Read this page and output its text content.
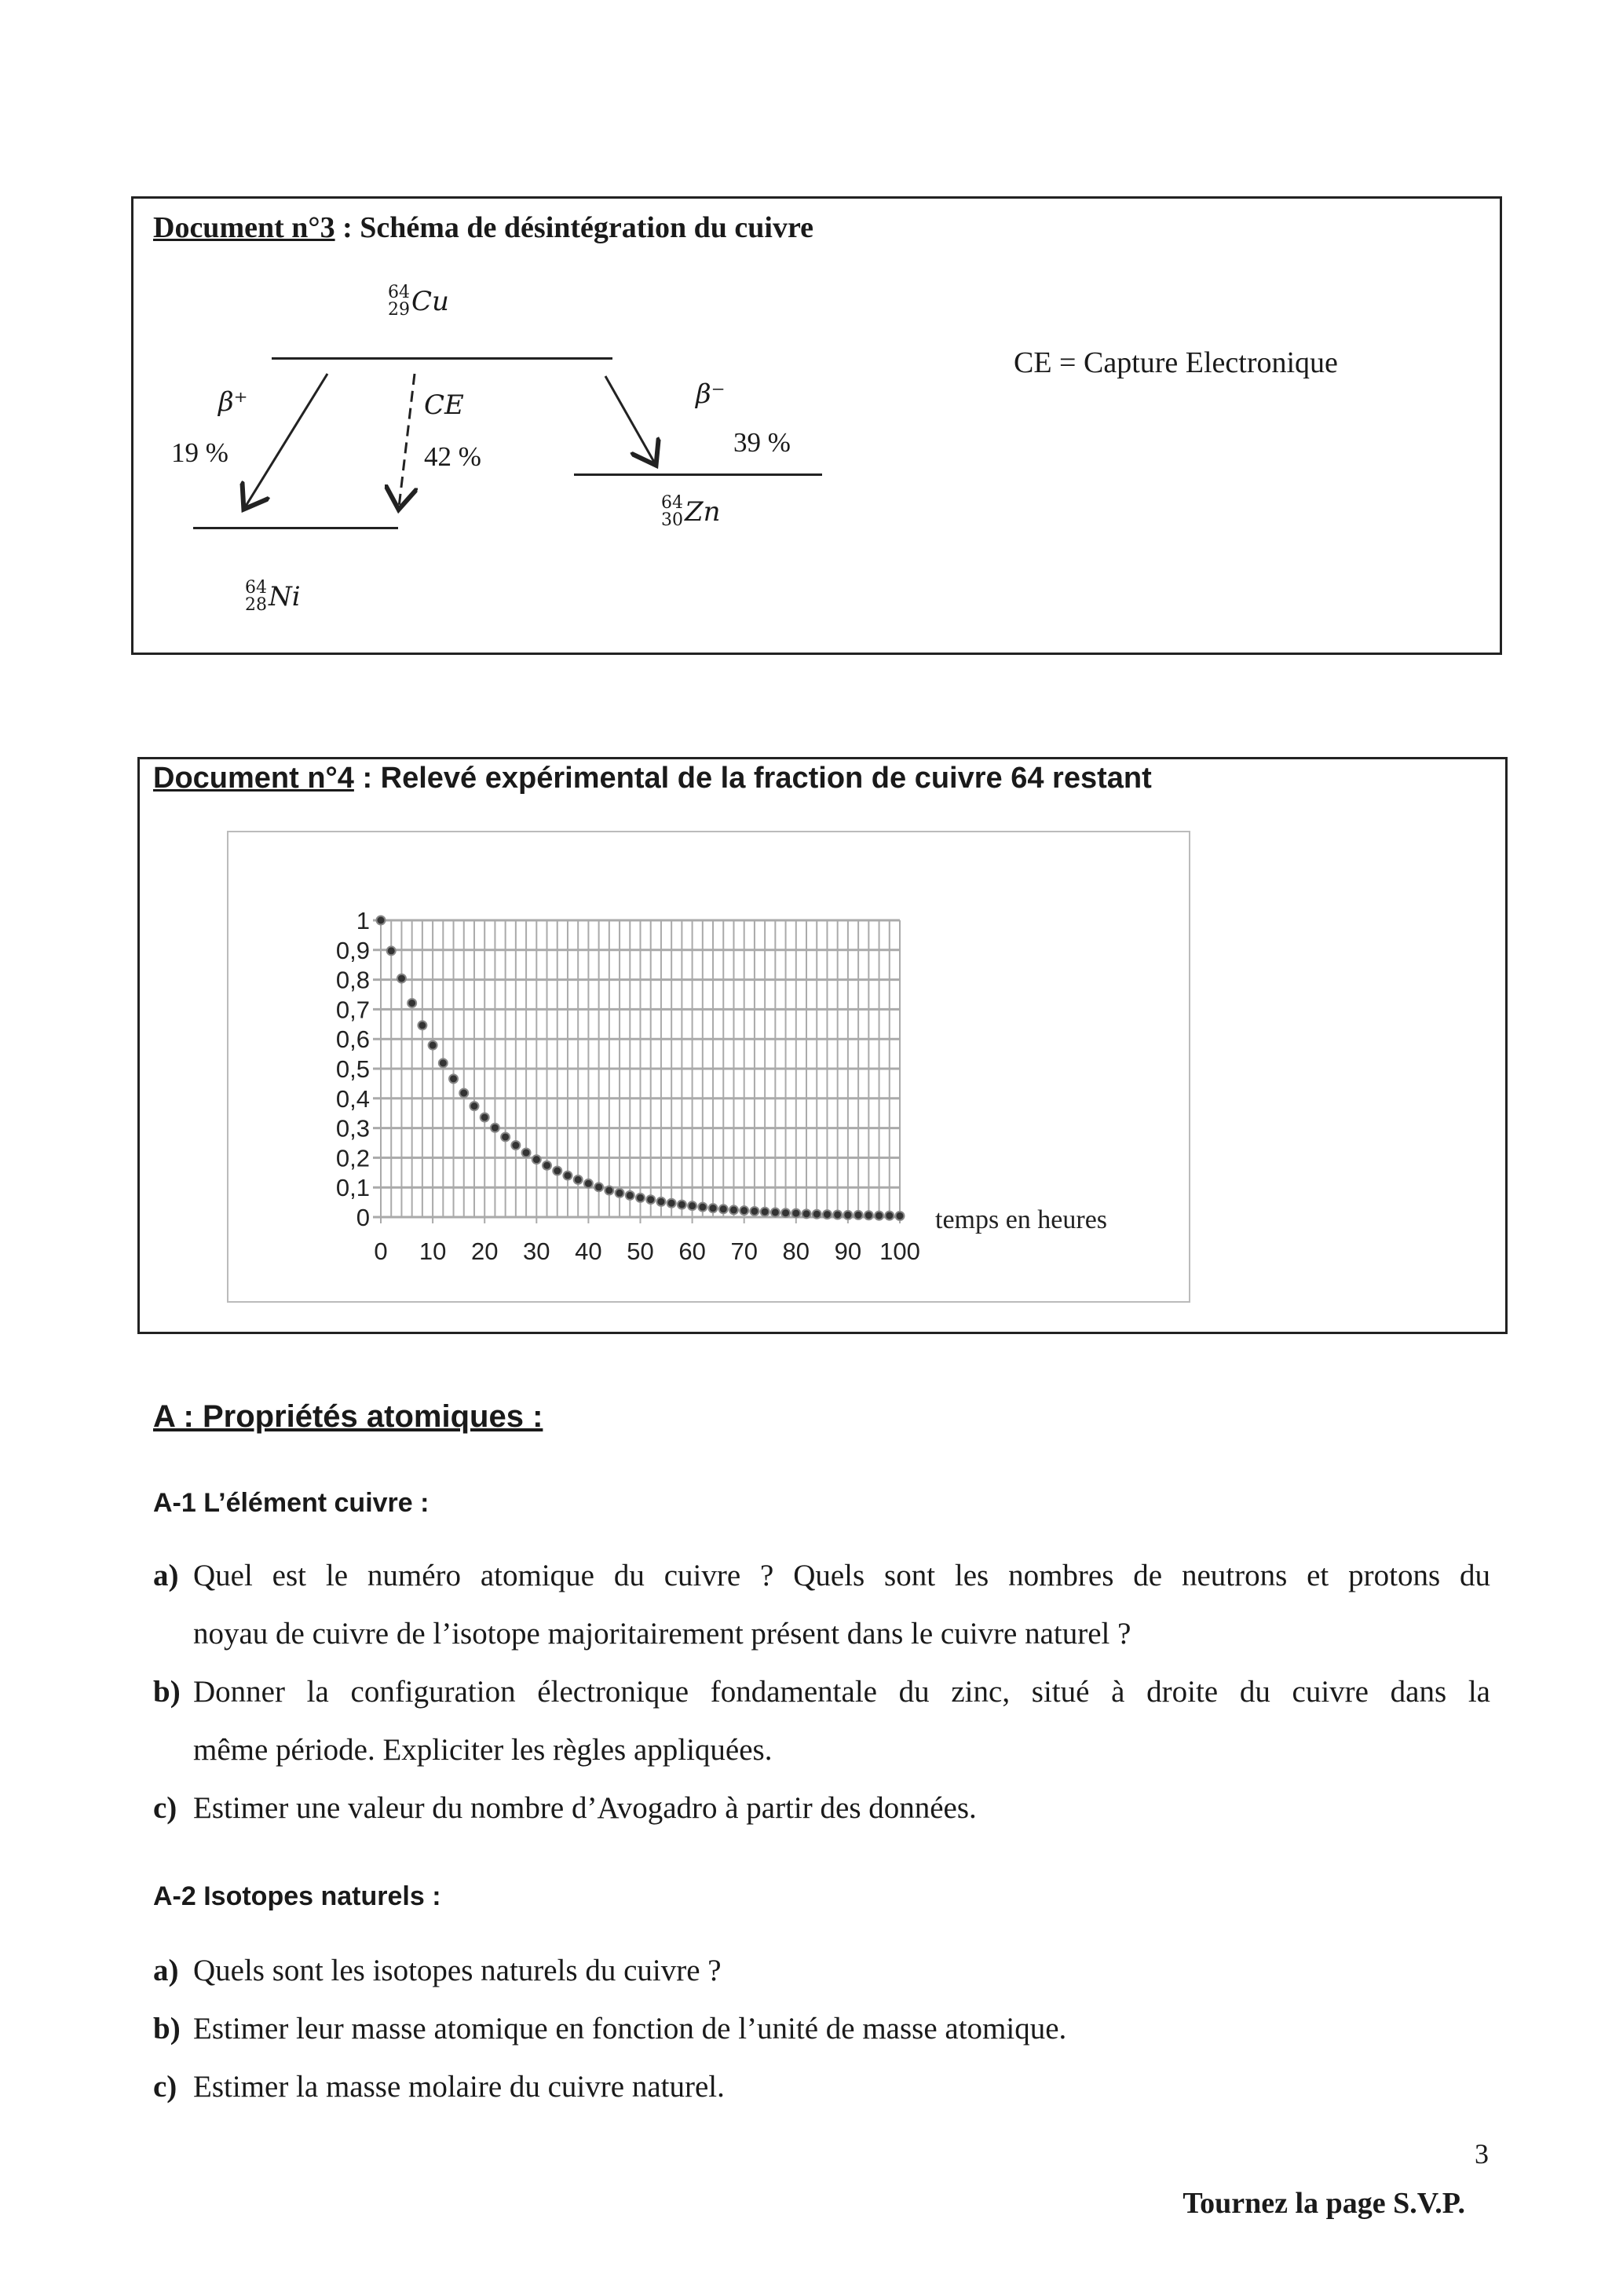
Document n°3 : Schéma de désintégration du cuivre
64
29 Cu
β⁺
19 %
CE
42 %
β⁻
39 %
64
30 Zn
64
28 Ni
CE = Capture Electronique
Document n°4 : Relevé expérimental de la fraction de cuivre 64 restant
0
0,1
0,2
0,3
0,4
0,5
0,6
0,7
0,8
0,9
1
0 10 20 30 40 50 60 70 80 90 100
temps en heures
A : Propriétés atomiques :
A-1 L’élément cuivre :
a) Quel est le numéro atomique du cuivre ? Quels sont les nombres de neutrons et protons du
noyau de cuivre de l’isotope majoritairement présent dans le cuivre naturel ?
b) Donner la configuration électronique fondamentale du zinc, situé à droite du cuivre dans la
même période. Expliciter les règles appliquées.
c) Estimer une valeur du nombre d’Avogadro à partir des données.
A-2 Isotopes naturels :
a) Quels sont les isotopes naturels du cuivre ?
b) Estimer leur masse atomique en fonction de l’unité de masse atomique.
c) Estimer la masse molaire du cuivre naturel.
3
Tournez la page S.V.P.
